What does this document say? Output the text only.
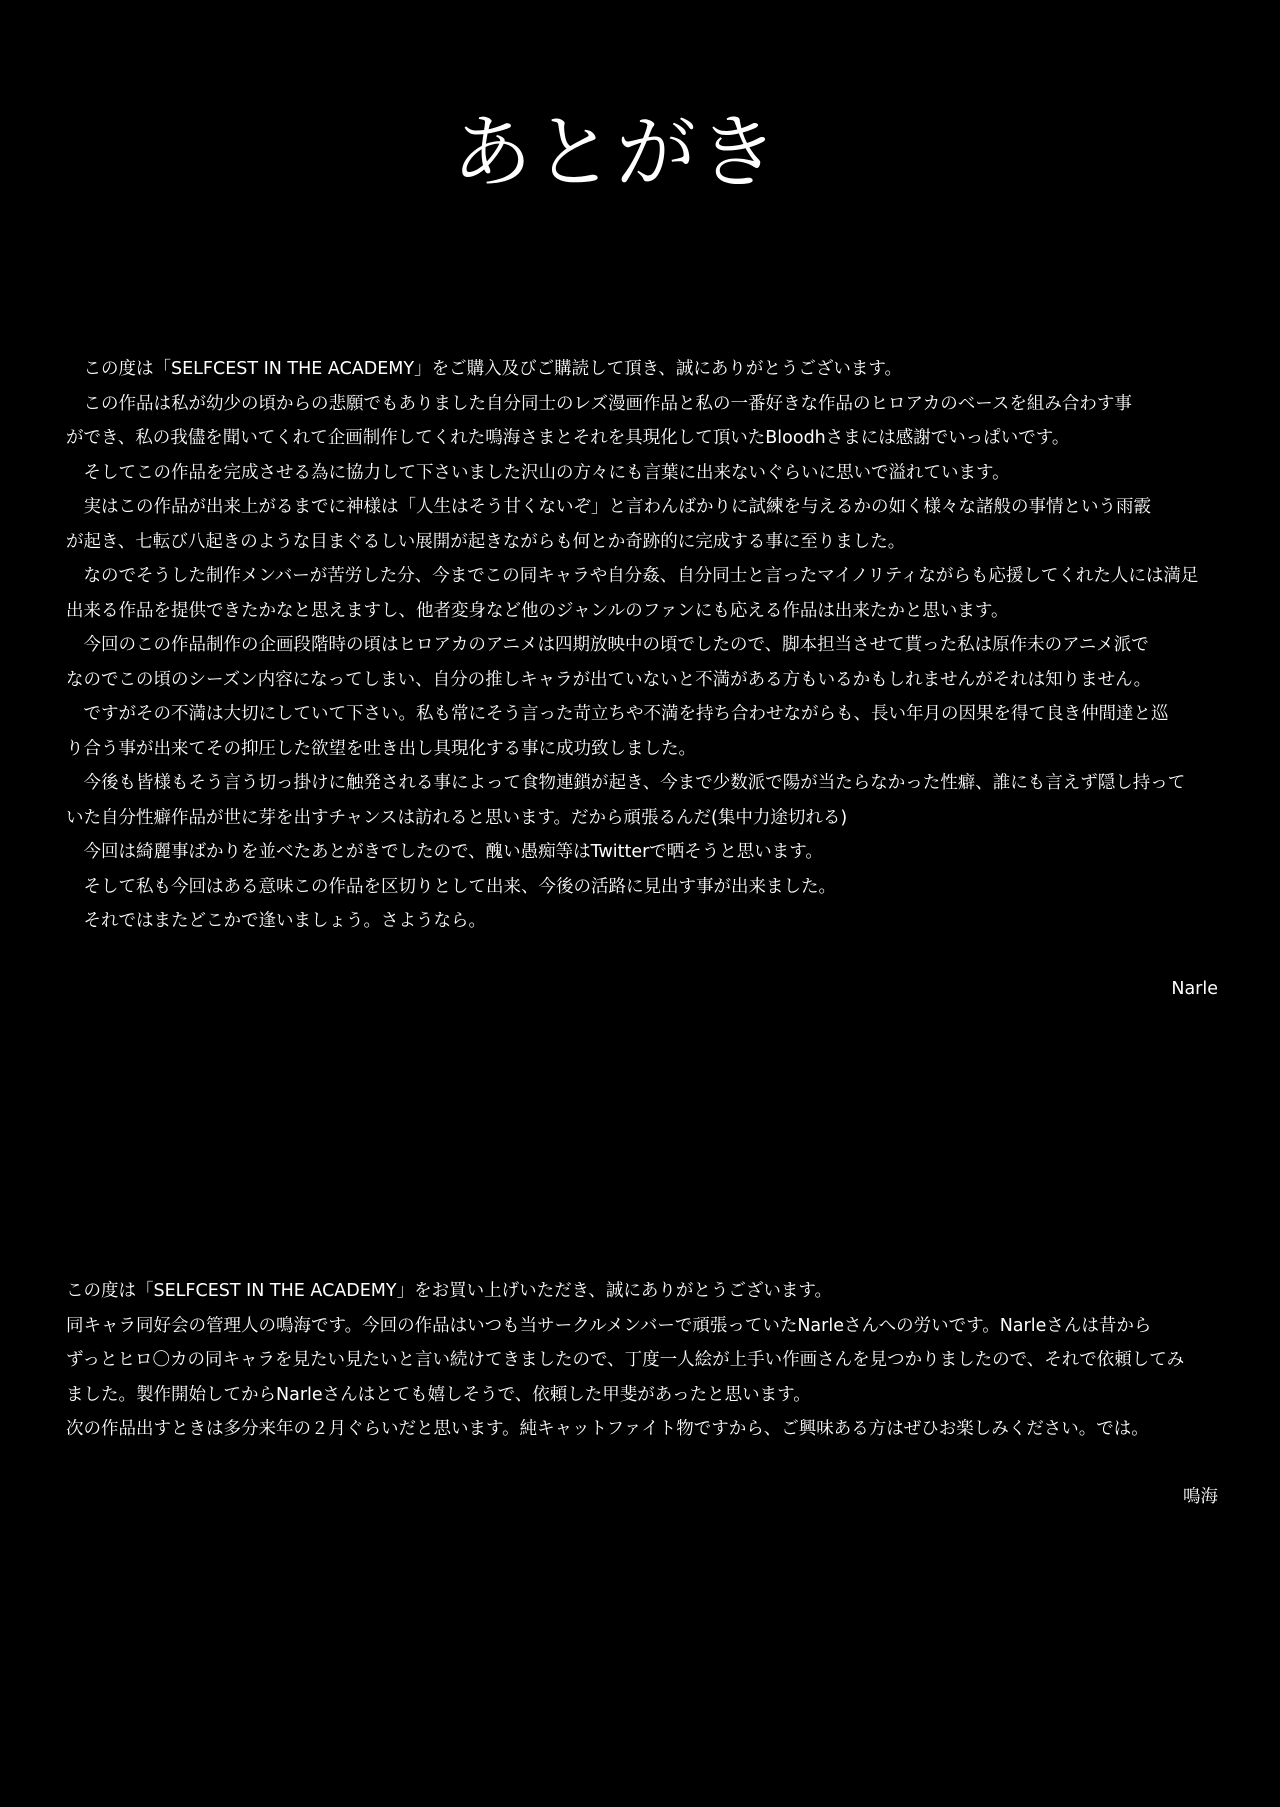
あとがき

　この度は「SELFCEST IN THE ACADEMY」をご購入及びご購読して頂き、誠にありがとうございます。

　この作品は私が幼少の頃からの悲願でもありました自分同士のレズ漫画作品と私の一番好きな作品のヒロアカのベースを組み合わす事

ができ、私の我儘を聞いてくれて企画制作してくれた鳴海さまとそれを具現化して頂いたBloodhさまには感謝でいっぱいです。

　そしてこの作品を完成させる為に協力して下さいました沢山の方々にも言葉に出来ないぐらいに思いで溢れています。

　実はこの作品が出来上がるまでに神様は「人生はそう甘くないぞ」と言わんばかりに試練を与えるかの如く様々な諸般の事情という雨霰

が起き、七転び八起きのような目まぐるしい展開が起きながらも何とか奇跡的に完成する事に至りました。

　なのでそうした制作メンバーが苦労した分、今までこの同キャラや自分姦、自分同士と言ったマイノリティながらも応援してくれた人には満足

出来る作品を提供できたかなと思えますし、他者変身など他のジャンルのファンにも応える作品は出来たかと思います。

　今回のこの作品制作の企画段階時の頃はヒロアカのアニメは四期放映中の頃でしたので、脚本担当させて貰った私は原作未のアニメ派で

なのでこの頃のシーズン内容になってしまい、自分の推しキャラが出ていないと不満がある方もいるかもしれませんがそれは知りません。

　ですがその不満は大切にしていて下さい。私も常にそう言った苛立ちや不満を持ち合わせながらも、長い年月の因果を得て良き仲間達と巡

り合う事が出来てその抑圧した欲望を吐き出し具現化する事に成功致しました。

　今後も皆様もそう言う切っ掛けに触発される事によって食物連鎖が起き、今まで少数派で陽が当たらなかった性癖、誰にも言えず隠し持って

いた自分性癖作品が世に芽を出すチャンスは訪れると思います。だから頑張るんだ(集中力途切れる)

　今回は綺麗事ばかりを並べたあとがきでしたので、醜い愚痴等はTwitterで晒そうと思います。

　そして私も今回はある意味この作品を区切りとして出来、今後の活路に見出す事が出来ました。

　それではまたどこかで逢いましょう。さようなら。

Narle

この度は「SELFCEST IN THE ACADEMY」をお買い上げいただき、誠にありがとうございます。

同キャラ同好会の管理人の鳴海です。今回の作品はいつも当サークルメンバーで頑張っていたNarleさんへの労いです。Narleさんは昔から

ずっとヒロ〇カの同キャラを見たい見たいと言い続けてきましたので、丁度一人絵が上手い作画さんを見つかりましたので、それで依頼してみ

ました。製作開始してからNarleさんはとても嬉しそうで、依頼した甲斐があったと思います。

次の作品出すときは多分来年の２月ぐらいだと思います。純キャットファイト物ですから、ご興味ある方はぜひお楽しみください。では。

鳴海
